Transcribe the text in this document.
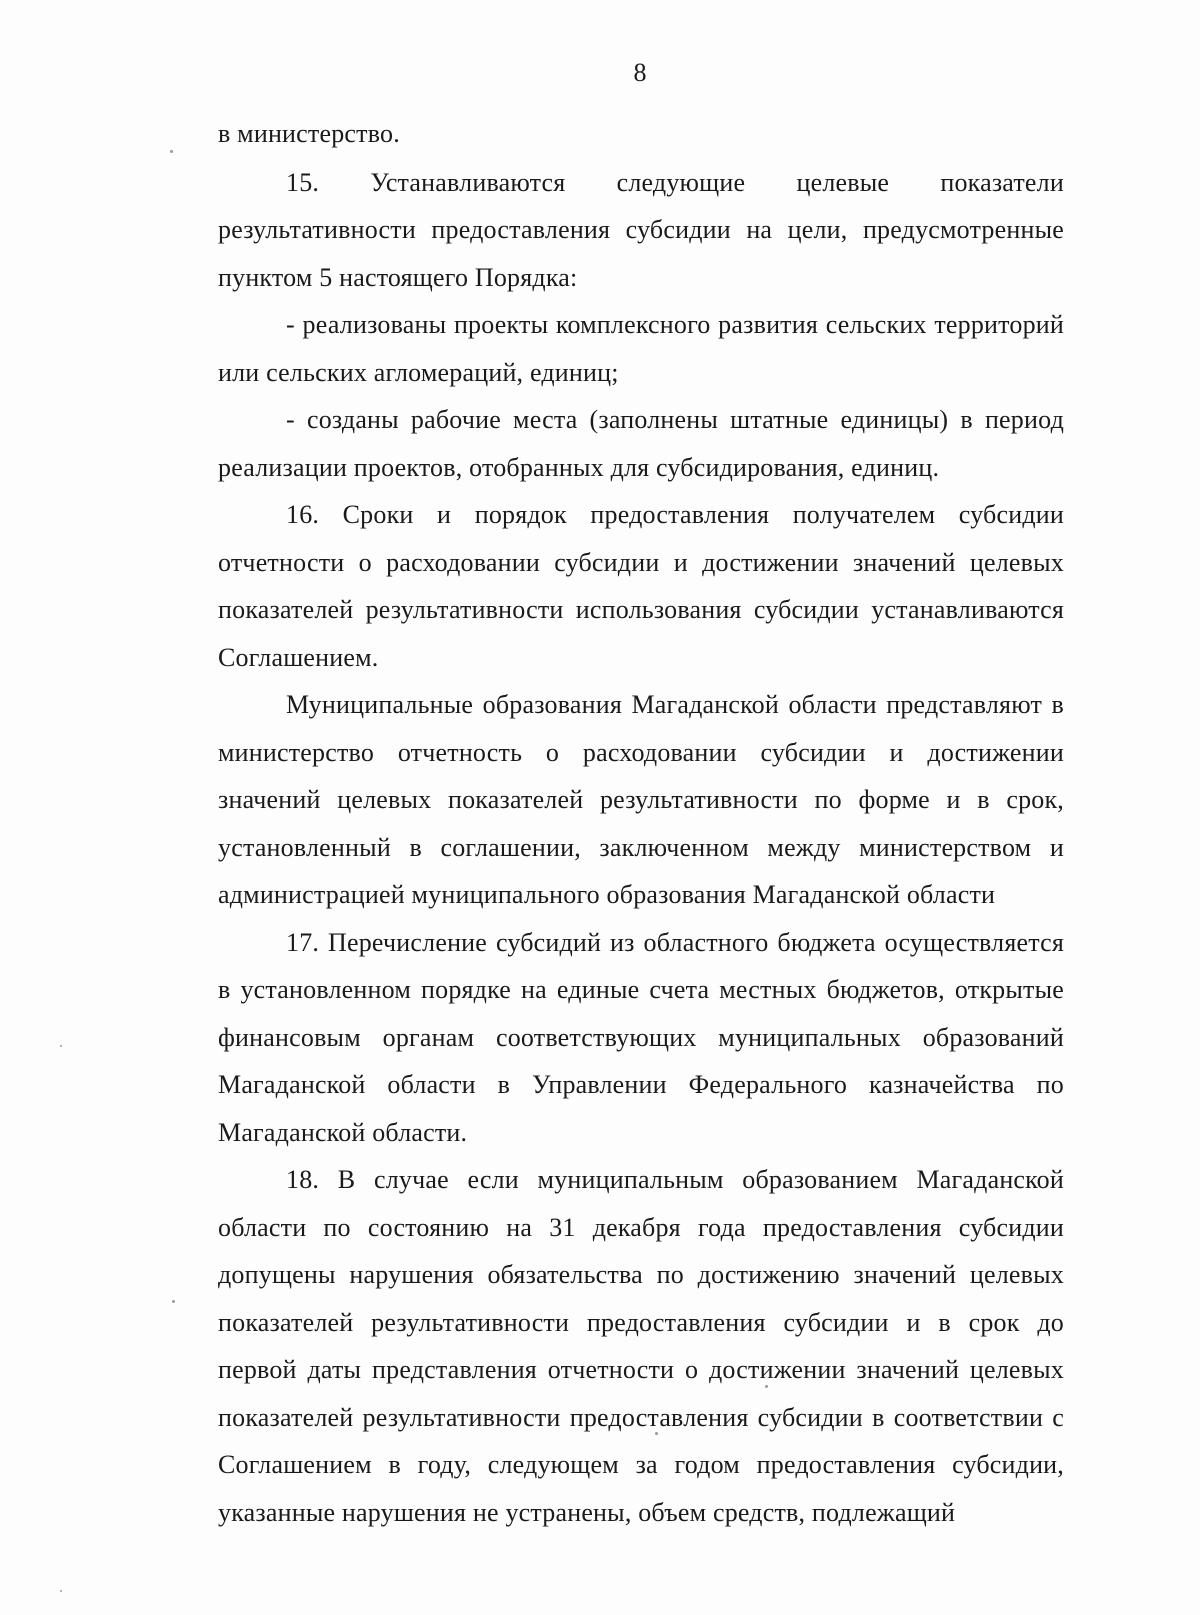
8

в министерство.

15. Устанавливаются следующие целевые показатели

результативности предоставления субсидии на цели, предусмотренные пунктом 5 настоящего Порядка:

- реализованы проекты комплексного развития сельских территорий или сельских агломераций, единиц;

- созданы рабочие места (заполнены штатные единицы) в период реализации проектов, отобранных для субсидирования, единиц.

16. Сроки и порядок предоставления получателем субсидии отчетности о расходовании субсидии и достижении значений целевых показателей результативности использования субсидии устанавливаются Соглашением.

Муниципальные образования Магаданской области представляют в министерство отчетность о расходовании субсидии и достижении значений целевых показателей результативности по форме и в срок, установленный в соглашении, заключенном между министерством и администрацией муниципального образования Магаданской области

17. Перечисление субсидий из областного бюджета осуществляется в установленном порядке на единые счета местных бюджетов, открытые финансовым органам соответствующих муниципальных образований Магаданской области в Управлении Федерального казначейства по Магаданской области.

18. В случае если муниципальным образованием Магаданской области по состоянию на 31 декабря года предоставления субсидии допущены нарушения обязательства по достижению значений целевых показателей результативности предоставления субсидии и в срок до первой даты представления отчетности о достижении значений целевых показателей результативности предоставления субсидии в соответствии с Соглашением в году, следующем за годом предоставления субсидии, указанные нарушения не устранены, объем средств, подлежащий
